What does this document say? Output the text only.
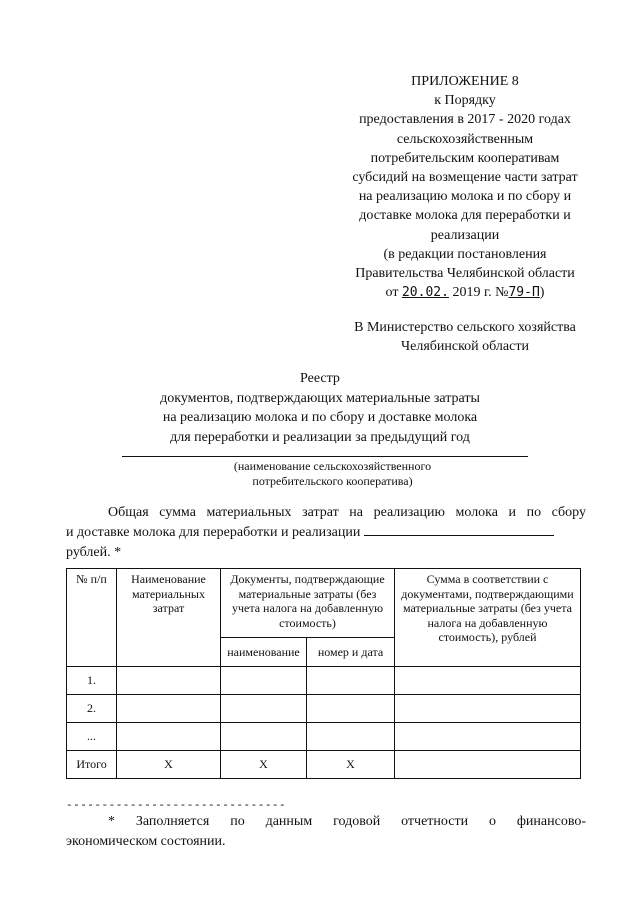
ПРИЛОЖЕНИЕ 8
к Порядку
предоставления в 2017 - 2020 годах
сельскохозяйственным
потребительским кооперативам
субсидий на возмещение части затрат
на реализацию молока и по сбору и
доставке молока для переработки и
реализации
(в редакции постановления
Правительства Челябинской области
от 20.02. 2019 г. №79-П)
В Министерство сельского хозяйства
Челябинской области
Реестр
документов, подтверждающих материальные затраты
на реализацию молока и по сбору и доставке молока
для переработки и реализации за предыдущий год
(наименование сельскохозяйственного
потребительского кооператива)
Общая сумма материальных затрат на реализацию молока и по сбору
и доставке молока для переработки и реализации
рублей. *
№ п/п	Наименование материальных затрат	Документы, подтверждающие материальные затраты (без учета налога на добавленную стоимость)		Сумма в соответствии с документами, подтверждающими материальные затраты (без учета налога на добавленную стоимость), рублей
		наименование	номер и дата	
1.				
2.				
...				
Итого	Х	Х	Х	
-------------------------------
* Заполняется по данным годовой отчетности о финансово-
экономическом состоянии.
